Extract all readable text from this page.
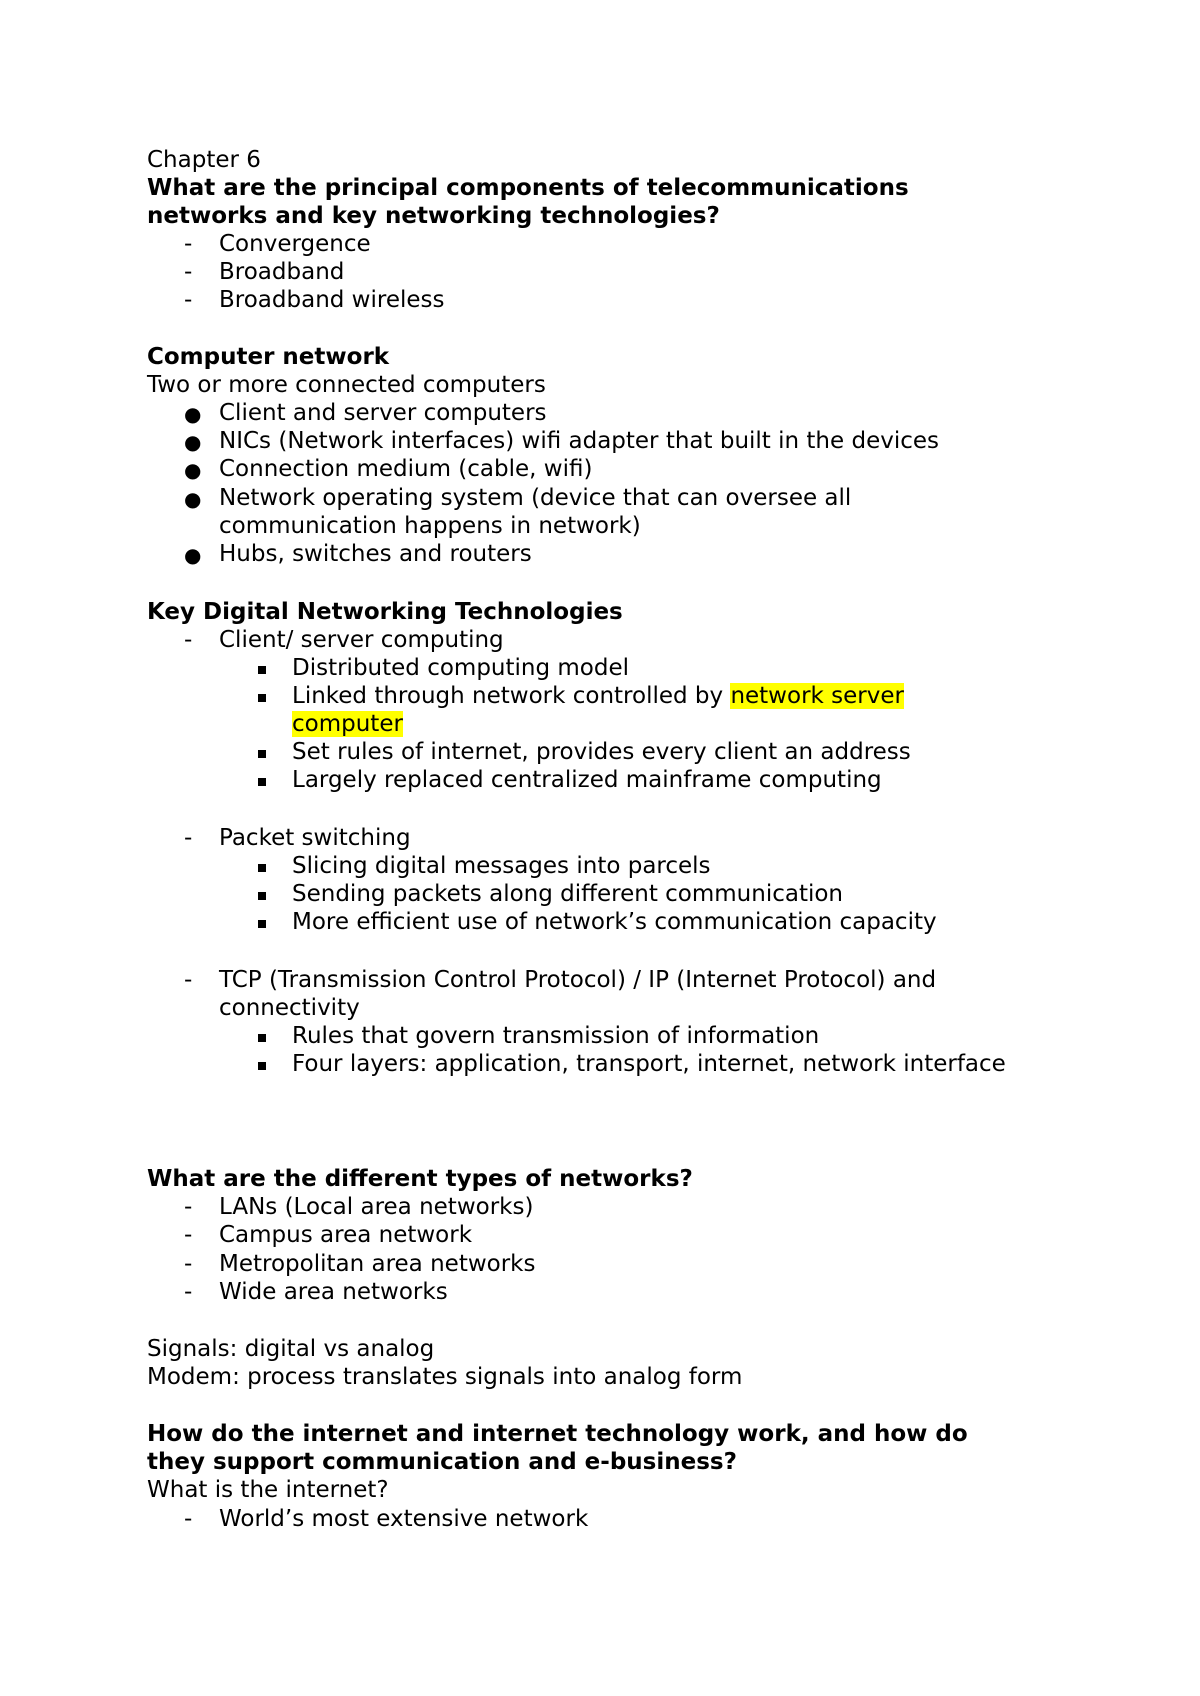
Chapter 6
What are the principal components of telecommunications
networks and key networking technologies?
- Convergence
- Broadband
- Broadband wireless
Computer network
Two or more connected computers
● Client and server computers
● NICs (Network interfaces) wifi adapter that built in the devices
● Connection medium (cable, wifi)
● Network operating system (device that can oversee all
communication happens in network)
● Hubs, switches and routers
Key Digital Networking Technologies
- Client/ server computing
Distributed computing model
Linked through network controlled by network server
computer
Set rules of internet, provides every client an address
Largely replaced centralized mainframe computing
- Packet switching
Slicing digital messages into parcels
Sending packets along different communication
More efficient use of network’s communication capacity
- TCP (Transmission Control Protocol) / IP (Internet Protocol) and
connectivity
Rules that govern transmission of information
Four layers: application, transport, internet, network interface
What are the different types of networks?
- LANs (Local area networks)
- Campus area network
- Metropolitan area networks
- Wide area networks
Signals: digital vs analog
Modem: process translates signals into analog form
How do the internet and internet technology work, and how do
they support communication and e-business?
What is the internet?
- World’s most extensive network
